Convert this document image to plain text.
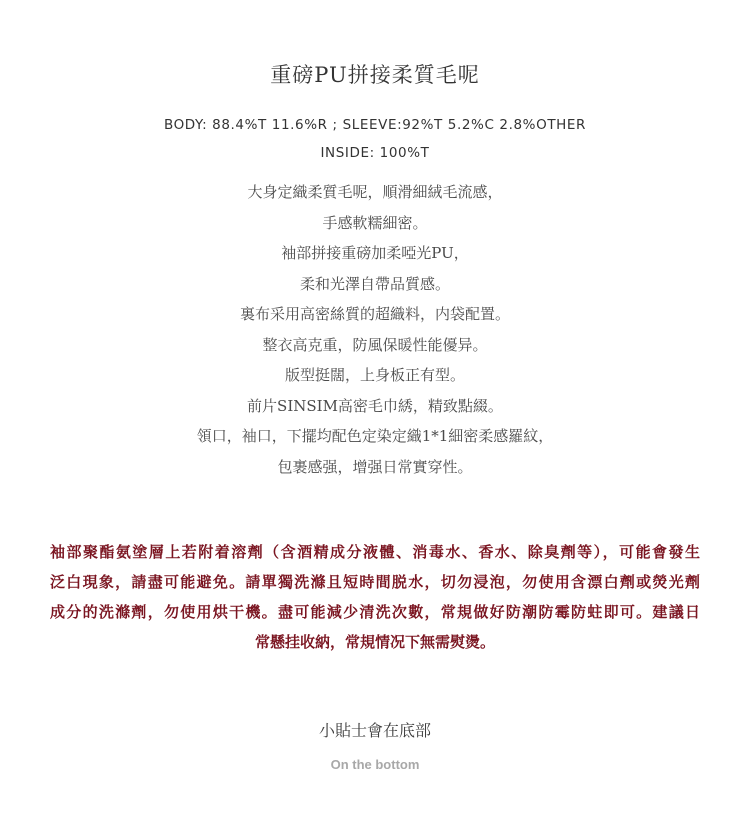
重磅PU拼接柔質毛呢
BODY: 88.4%T 11.6%R ; SLEEVE:92%T 5.2%C 2.8%OTHER
INSIDE: 100%T
大身定織柔質毛呢，順滑細絨毛流感，
手感軟糯細密。
袖部拼接重磅加柔啞光PU，
柔和光澤自帶品質感。
裏布采用高密絲質的超織料，内袋配置。
整衣高克重，防風保暖性能優异。
版型挺闊，上身板正有型。
前片SINSIM高密毛巾綉，精致點綴。
領口，袖口，下擺均配色定染定織1*1細密柔感羅紋，
包裹感强，增强日常實穿性。
袖部聚酯氨塗層上若附着溶劑（含酒精成分液體、消毒水、香水、除臭劑等），可能會發生
泛白現象，請盡可能避免。請單獨洗滌且短時間脱水，切勿浸泡，勿使用含漂白劑或熒光劑
成分的洗滌劑，勿使用烘干機。盡可能減少清洗次數，常規做好防潮防霉防蛀即可。建議日
常懸挂收納，常規情况下無需熨燙。
小貼士會在底部
On the bottom
